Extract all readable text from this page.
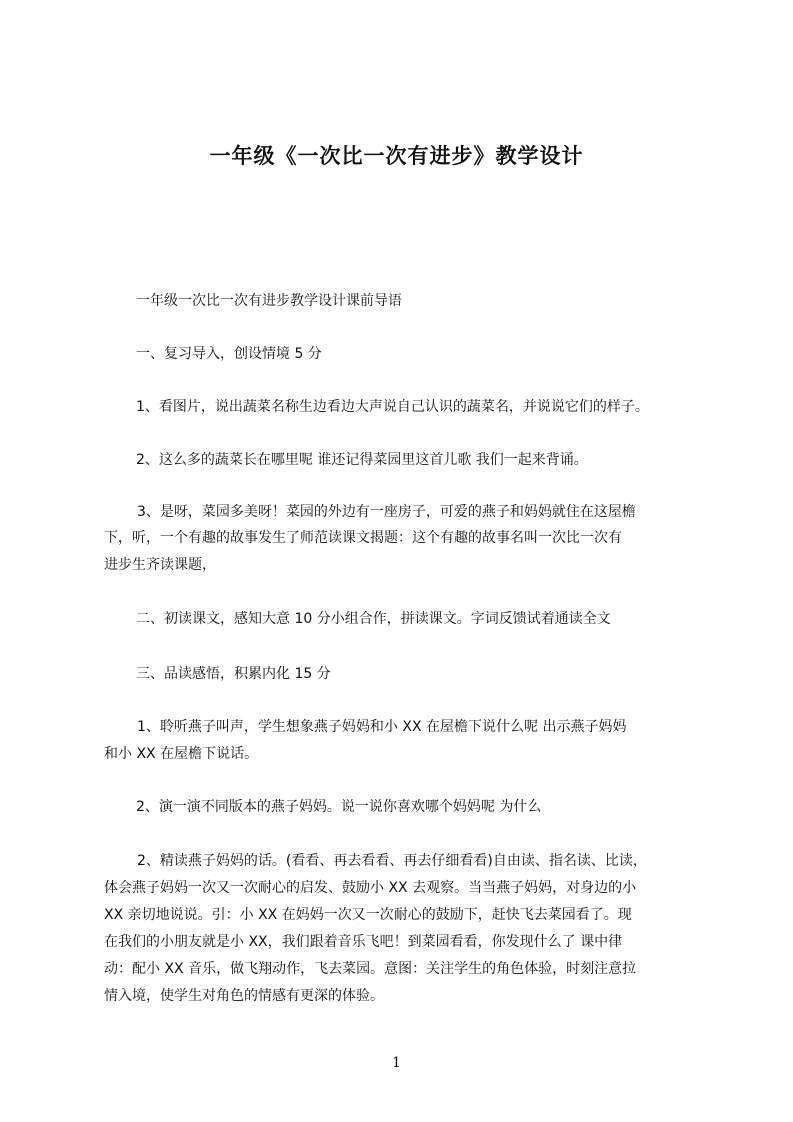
一年级《一次比一次有进步》教学设计
一年级一次比一次有进步教学设计课前导语
一、复习导入，创设情境 5 分
1、看图片，说出蔬菜名称生边看边大声说自己认识的蔬菜名，并说说它们的样子。
2、这么多的蔬菜长在哪里呢 谁还记得菜园里这首儿歌 我们一起来背诵。
3、是呀，菜园多美呀！菜园的外边有一座房子，可爱的燕子和妈妈就住在这屋檐
下，听，一个有趣的故事发生了师范读课文揭题：这个有趣的故事名叫一次比一次有
进步生齐读课题，
二、初读课文，感知大意 10 分小组合作，拼读课文。字词反馈试着通读全文
三、品读感悟，积累内化 15 分
1、聆听燕子叫声，学生想象燕子妈妈和小 XX 在屋檐下说什么呢 出示燕子妈妈
和小 XX 在屋檐下说话。
2、演一演不同版本的燕子妈妈。说一说你喜欢哪个妈妈呢 为什么
2、精读燕子妈妈的话。(看看、再去看看、再去仔细看看)自由读、指名读、比读，
体会燕子妈妈一次又一次耐心的启发、鼓励小 XX 去观察。当当燕子妈妈，对身边的小
XX 亲切地说说。引：小 XX 在妈妈一次又一次耐心的鼓励下，赶快飞去菜园看了。现
在我们的小朋友就是小 XX，我们跟着音乐飞吧！到菜园看看，你发现什么了 课中律
动：配小 XX 音乐，做飞翔动作，飞去菜园。意图：关注学生的角色体验，时刻注意拉
情入境，使学生对角色的情感有更深的体验。
1
